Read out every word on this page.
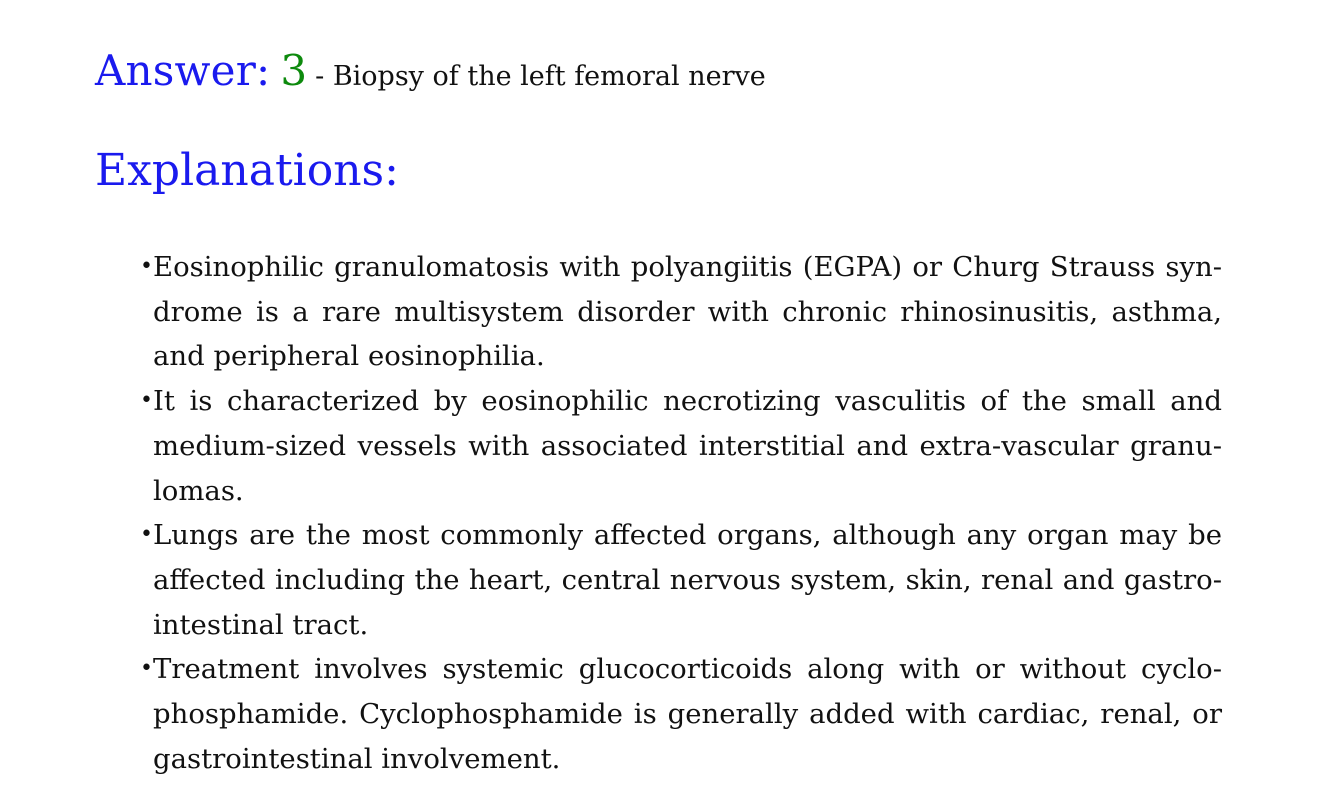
Answer: 3 - Biopsy of the left femoral nerve
Explanations:
• Eosinophilic granulomatosis with polyangiitis (EGPA) or Churg Strauss syndrome is a rare multisystem disorder with chronic rhinosinusitis, asthma, and peripheral eosinophilia.
• It is characterized by eosinophilic necrotizing vasculitis of the small and medium-sized vessels with associated interstitial and extra-vascular granulomas.
• Lungs are the most commonly affected organs, although any organ may be affected including the heart, central nervous system, skin, renal and gastrointestinal tract.
• Treatment involves systemic glucocorticoids along with or without cyclophosphamide. Cyclophosphamide is generally added with cardiac, renal, or gastrointestinal involvement.
